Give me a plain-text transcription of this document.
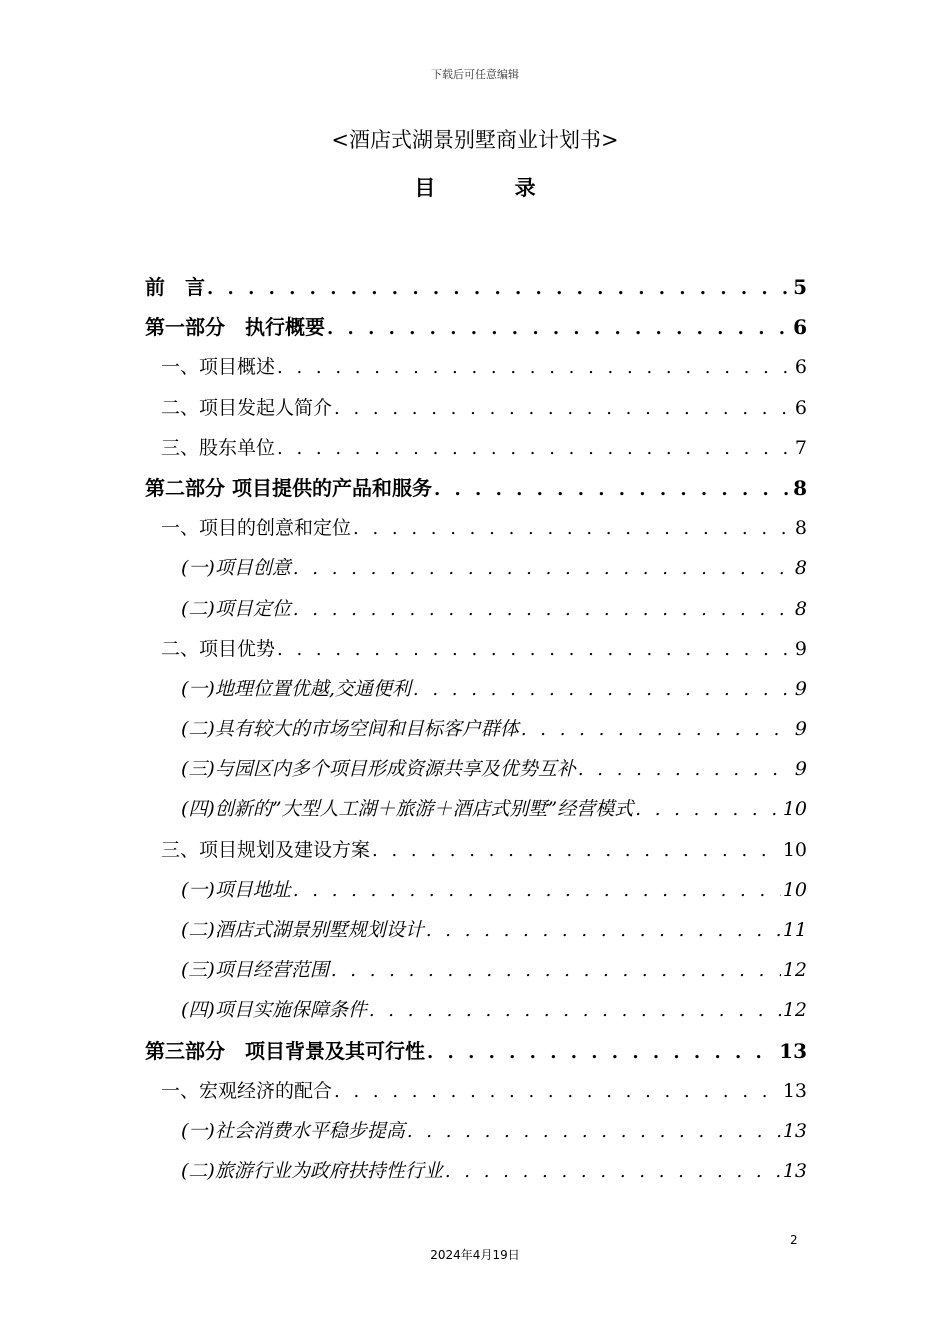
下载后可任意编辑
<酒店式湖景别墅商业计划书>
目 录
前　言 . . .	5
第一部分　执行概要 . . .	6
一、项目概述 . . .	6
二、项目发起人简介 . . .	6
三、股东单位 . . .	7
第二部分 项目提供的产品和服务 . . .	8
一、项目的创意和定位 . . .	8
(一)项目创意 . . .	8
(二)项目定位 . . .	8
二、项目优势 . . .	9
(一)地理位置优越,交通便利 . . .	9
(二)具有较大的市场空间和目标客户群体 . . .	9
(三)与园区内多个项目形成资源共享及优势互补 . . .	9
(四)创新的”大型人工湖＋旅游＋酒店式别墅”经营模式 . . .	10
三、项目规划及建设方案 . . .	10
(一)项目地址 . . .	10
(二)酒店式湖景别墅规划设计 . . .	11
(三)项目经营范围 . . .	12
(四)项目实施保障条件 . . .	12
第三部分　项目背景及其可行性 . . .	13
一、宏观经济的配合 . . .	13
(一)社会消费水平稳步提高 . . .	13
(二)旅游行业为政府扶持性行业 . . .	13
2
2024年4月19日
